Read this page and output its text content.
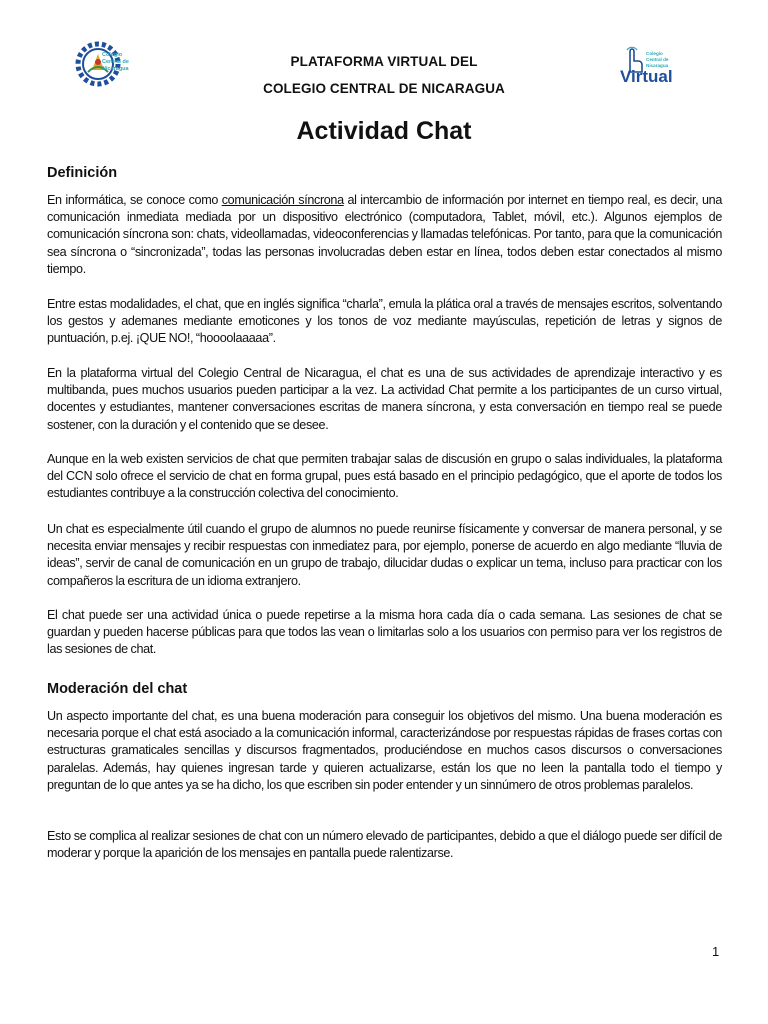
Colegio
Central de
Nicaragua	PLATAFORMA VIRTUAL DEL
COLEGIO CENTRAL DE NICARAGUA
Colegio
Central de
Nicaragua
Virtual
Actividad Chat
Definición

En informática, se conoce como comunicación síncrona al intercambio de información por internet en tiempo real, es decir, una comunicación inmediata mediada por un dispositivo electrónico (computadora, Tablet, móvil, etc.). Algunos ejemplos de comunicación síncrona son: chats, videollamadas, videoconferencias y llamadas telefónicas. Por tanto, para que la comunicación sea síncrona o “sincronizada”, todas las personas involucradas deben estar en línea, todos deben estar conectados al mismo tiempo.

Entre estas modalidades, el chat, que en inglés significa “charla”, emula la plática oral a través de mensajes escritos, solventando los gestos y ademanes mediante emoticones y los tonos de voz mediante mayúsculas, repetición de letras y signos de puntuación, p.ej. ¡QUE NO!, “hoooolaaaaa”.

En la plataforma virtual del Colegio Central de Nicaragua, el chat es una de sus actividades de aprendizaje interactivo y es multibanda, pues muchos usuarios pueden participar a la vez. La actividad Chat permite a los participantes de un curso virtual, docentes y estudiantes, mantener conversaciones escritas de manera síncrona, y esta conversación en tiempo real se puede sostener, con la duración y el contenido que se desee.

Aunque en la web existen servicios de chat que permiten trabajar salas de discusión en grupo o salas individuales, la plataforma del CCN solo ofrece el servicio de chat en forma grupal, pues está basado en el principio pedagógico, que el aporte de todos los estudiantes contribuye a la construcción colectiva del conocimiento.

Un chat es especialmente útil cuando el grupo de alumnos no puede reunirse físicamente y conversar de manera personal, y se necesita enviar mensajes y recibir respuestas con inmediatez para, por ejemplo, ponerse de acuerdo en algo mediante “lluvia de ideas”, servir de canal de comunicación en un grupo de trabajo, dilucidar dudas o explicar un tema, incluso para practicar con los compañeros la escritura de un idioma extranjero.

El chat puede ser una actividad única o puede repetirse a la misma hora cada día o cada semana. Las sesiones de chat se guardan y pueden hacerse públicas para que todos las vean o limitarlas solo a los usuarios con permiso para ver los registros de las sesiones de chat.

Moderación del chat

Un aspecto importante del chat, es una buena moderación para conseguir los objetivos del mismo. Una buena moderación es necesaria porque el chat está asociado a la comunicación informal, caracterizándose por respuestas rápidas de frases cortas con estructuras gramaticales sencillas y discursos fragmentados, produciéndose en muchos casos discursos o conversaciones paralelas. Además, hay quienes ingresan tarde y quieren actualizarse, están los que no leen la pantalla todo el tiempo y preguntan de lo que antes ya se ha dicho, los que escriben sin poder entender y un sinnúmero de otros problemas paralelos.

Esto se complica al realizar sesiones de chat con un número elevado de participantes, debido a que el diálogo puede ser difícil de moderar y porque la aparición de los mensajes en pantalla puede ralentizarse.

1
